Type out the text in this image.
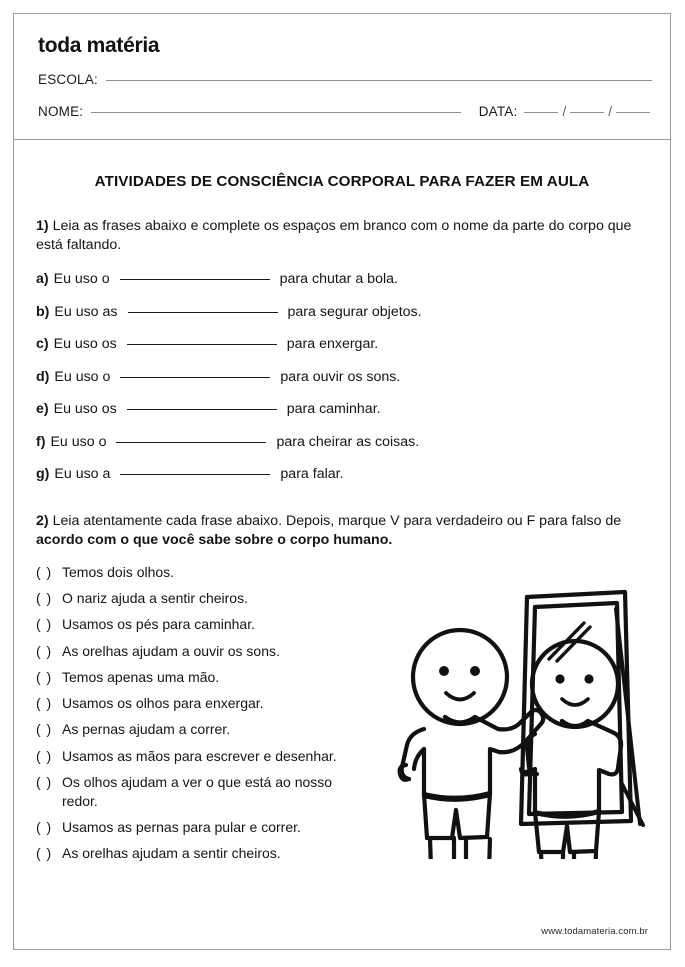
toda matéria
ESCOLA:
NOME:	DATA:	/	/
ATIVIDADES DE CONSCIÊNCIA CORPORAL PARA FAZER EM AULA
1) Leia as frases abaixo e complete os espaços em branco com o nome da parte do corpo que está faltando.
a) Eu uso o	para chutar a bola.
b) Eu uso as	para segurar objetos.
c) Eu uso os	para enxergar.
d) Eu uso o	para ouvir os sons.
e) Eu uso os	para caminhar.
f) Eu uso o	para cheirar as coisas.
g) Eu uso a	para falar.
2) Leia atentamente cada frase abaixo. Depois, marque V para verdadeiro ou F para falso de acordo com o que você sabe sobre o corpo humano.
( ) Temos dois olhos.
( ) O nariz ajuda a sentir cheiros.
( ) Usamos os pés para caminhar.
( ) As orelhas ajudam a ouvir os sons.
( ) Temos apenas uma mão.
( ) Usamos os olhos para enxergar.
( ) As pernas ajudam a correr.
( ) Usamos as mãos para escrever e desenhar.
( ) Os olhos ajudam a ver o que está ao nosso redor.
( ) Usamos as pernas para pular e correr.
( ) As orelhas ajudam a sentir cheiros.
www.todamateria.com.br
